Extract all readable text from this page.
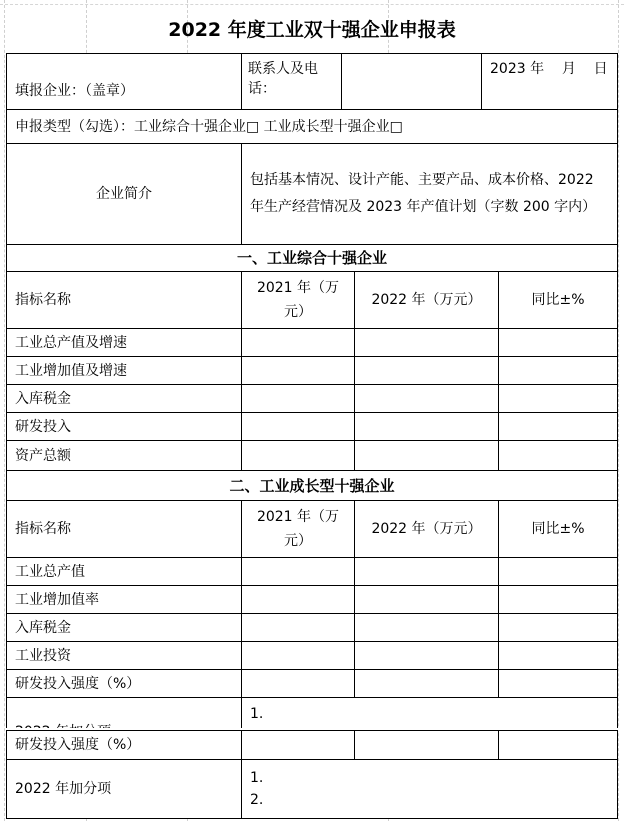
2022 年度工业双十强企业申报表
填报企业：（盖章）
联系人及电话：
2023 年    月    日
申报类型（勾选）：工业综合十强企业□ 工业成长型十强企业□
企业简介
包括基本情况、设计产能、主要产品、成本价格、2022 年生产经营情况及 2023 年产值计划（字数 200 字内）
一、工业综合十强企业
指标名称
2021 年（万元）
2022 年（万元）	同比±%
工业总产值及增速
工业增加值及增速
入库税金
研发投入
资产总额
二、工业成长型十强企业
指标名称
2021 年（万元）
2022 年（万元）	同比±%
工业总产值
工业增加值率
入库税金
工业投资
研发投入强度（%）
1.
研发投入强度（%）
2022 年加分项
1.
2.
